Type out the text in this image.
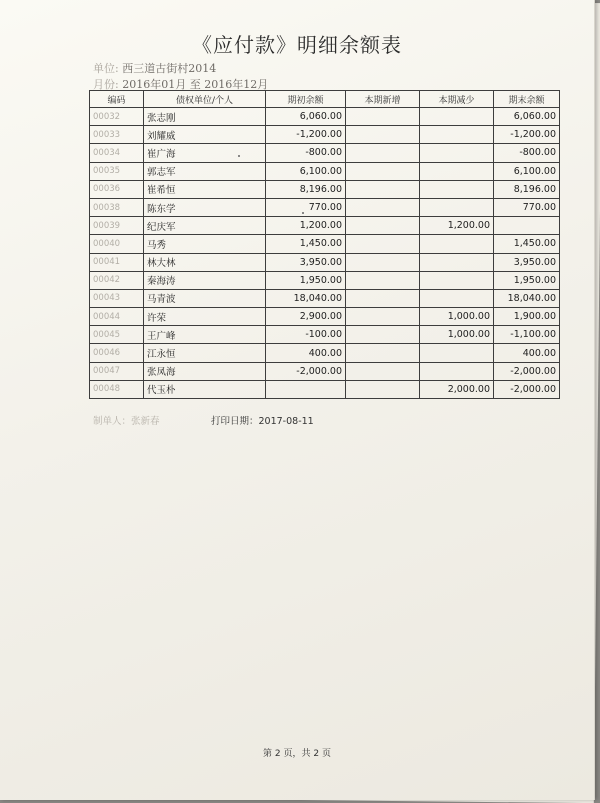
《应付款》明细余额表
单位: 西三道古街村2014
月份: 2016年01月 至 2016年12月
编码	债权单位/个人	期初余额	本期新增	本期减少	期末余额
00032	张志刚	6,060.00			6,060.00
00033	刘耀威	-1,200.00			-1,200.00
00034	崔广海	-800.00			-800.00
00035	郭志军	6,100.00			6,100.00
00036	崔希恒	8,196.00			8,196.00
00038	陈东学	770.00			770.00
00039	纪庆军	1,200.00		1,200.00	
00040	马秀	1,450.00			1,450.00
00041	林大林	3,950.00			3,950.00
00042	秦海涛	1,950.00			1,950.00
00043	马青波	18,040.00			18,040.00
00044	许荣	2,900.00		1,000.00	1,900.00
00045	王广峰	-100.00		1,000.00	-1,100.00
00046	江永恒	400.00			400.00
00047	张凤海	-2,000.00			-2,000.00
00048	代玉朴			2,000.00	-2,000.00
制单人：张新春	打印日期：2017-08-11
第 2 页，共 2 页
